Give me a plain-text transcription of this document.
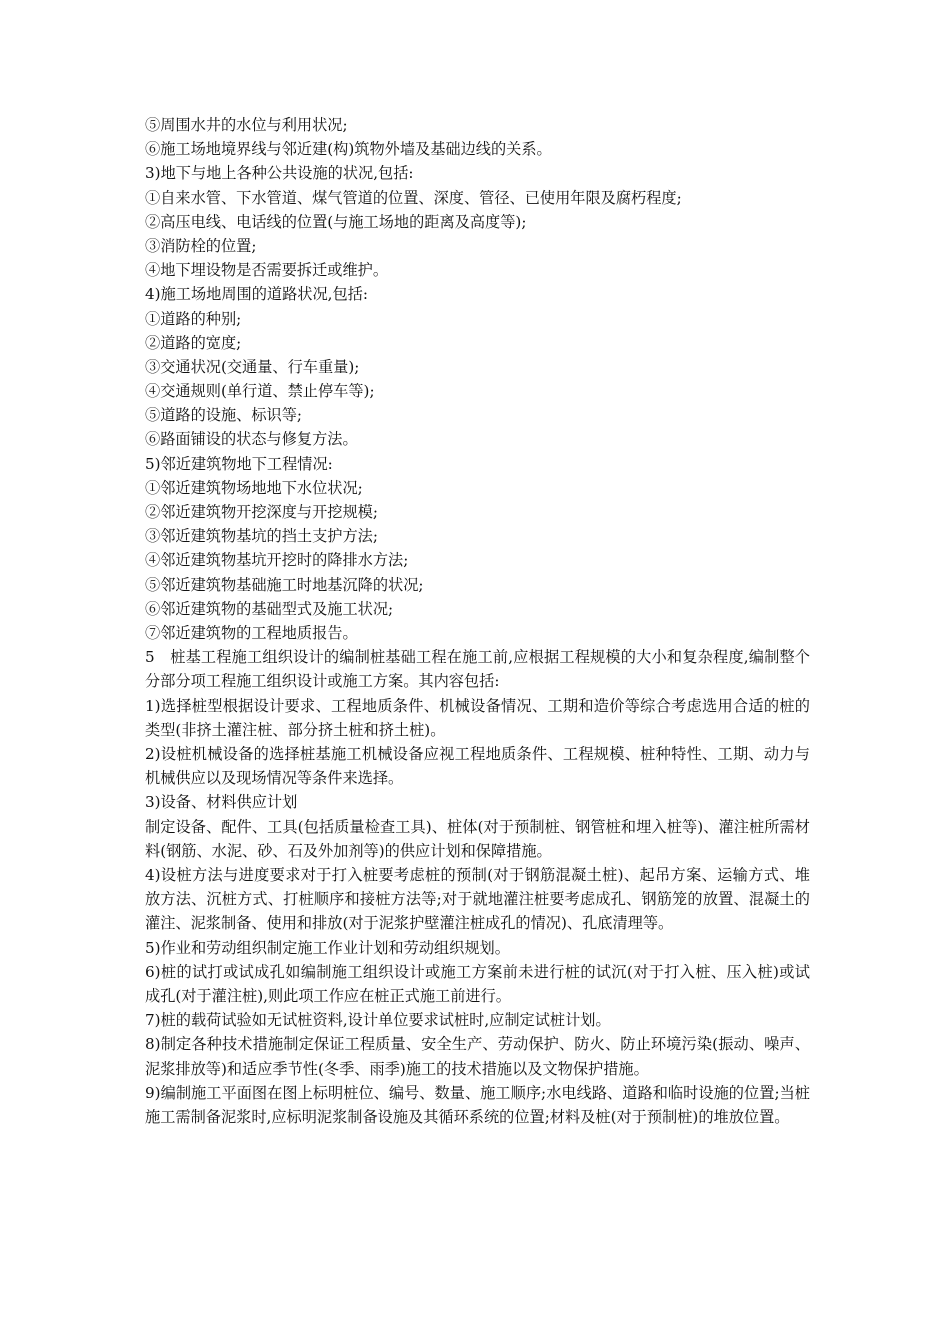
⑤周围水井的水位与利用状况;
⑥施工场地境界线与邻近建(构)筑物外墙及基础边线的关系。
3)地下与地上各种公共设施的状况,包括:
①自来水管、下水管道、煤气管道的位置、深度、管径、已使用年限及腐朽程度;
②高压电线、电话线的位置(与施工场地的距离及高度等);
③消防栓的位置;
④地下埋设物是否需要拆迁或维护。
4)施工场地周围的道路状况,包括:
①道路的种别;
②道路的宽度;
③交通状况(交通量、行车重量);
④交通规则(单行道、禁止停车等);
⑤道路的设施、标识等;
⑥路面铺设的状态与修复方法。
5)邻近建筑物地下工程情况:
①邻近建筑物场地地下水位状况;
②邻近建筑物开挖深度与开挖规模;
③邻近建筑物基坑的挡土支护方法;
④邻近建筑物基坑开挖时的降排水方法;
⑤邻近建筑物基础施工时地基沉降的状况;
⑥邻近建筑物的基础型式及施工状况;
⑦邻近建筑物的工程地质报告。
5　桩基工程施工组织设计的编制桩基础工程在施工前,应根据工程规模的大小和复杂程度,编制整个分部分项工程施工组织设计或施工方案。其内容包括:
1)选择桩型根据设计要求、工程地质条件、机械设备情况、工期和造价等综合考虑选用合适的桩的类型(非挤土灌注桩、部分挤土桩和挤土桩)。
2)设桩机械设备的选择桩基施工机械设备应视工程地质条件、工程规模、桩种特性、工期、动力与机械供应以及现场情况等条件来选择。
3)设备、材料供应计划
制定设备、配件、工具(包括质量检查工具)、桩体(对于预制桩、钢管桩和埋入桩等)、灌注桩所需材料(钢筋、水泥、砂、石及外加剂等)的供应计划和保障措施。
4)设桩方法与进度要求对于打入桩要考虑桩的预制(对于钢筋混凝土桩)、起吊方案、运输方式、堆放方法、沉桩方式、打桩顺序和接桩方法等;对于就地灌注桩要考虑成孔、钢筋笼的放置、混凝土的灌注、泥浆制备、使用和排放(对于泥浆护壁灌注桩成孔的情况)、孔底清理等。
5)作业和劳动组织制定施工作业计划和劳动组织规划。
6)桩的试打或试成孔如编制施工组织设计或施工方案前未进行桩的试沉(对于打入桩、压入桩)或试成孔(对于灌注桩),则此项工作应在桩正式施工前进行。
7)桩的载荷试验如无试桩资料,设计单位要求试桩时,应制定试桩计划。
8)制定各种技术措施制定保证工程质量、安全生产、劳动保护、防火、防止环境污染(振动、噪声、泥浆排放等)和适应季节性(冬季、雨季)施工的技术措施以及文物保护措施。
9)编制施工平面图在图上标明桩位、编号、数量、施工顺序;水电线路、道路和临时设施的位置;当桩施工需制备泥浆时,应标明泥浆制备设施及其循环系统的位置;材料及桩(对于预制桩)的堆放位置。
